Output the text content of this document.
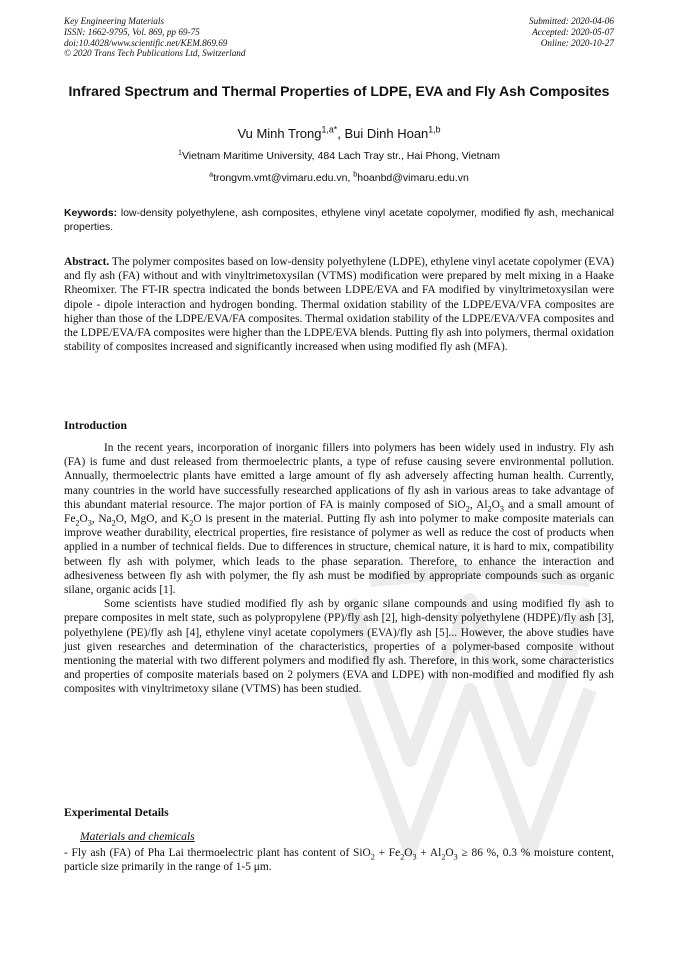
Key Engineering Materials
ISSN: 1662-9795, Vol. 869, pp 69-75
doi:10.4028/www.scientific.net/KEM.869.69
© 2020 Trans Tech Publications Ltd, Switzerland
Submitted: 2020-04-06
Accepted: 2020-05-07
Online: 2020-10-27
Infrared Spectrum and Thermal Properties of LDPE, EVA and Fly Ash Composites
Vu Minh Trong$^{1,a*}$, Bui Dinh Hoan$^{1,b}$
$^1$Vietnam Maritime University, 484 Lach Tray str., Hai Phong, Vietnam
$^a$trongvm.vmt@vimaru.edu.vn, $^b$hoanbd@vimaru.edu.vn
Keywords: low-density polyethylene, ash composites, ethylene vinyl acetate copolymer, modified fly ash, mechanical properties.
Abstract. The polymer composites based on low-density polyethylene (LDPE), ethylene vinyl acetate copolymer (EVA) and fly ash (FA) without and with vinyltrimetoxysilan (VTMS) modification were prepared by melt mixing in a Haake Rheomixer. The FT-IR spectra indicated the bonds between LDPE/EVA and FA modified by vinyltrimetoxysilan were dipole - dipole interaction and hydrogen bonding. Thermal oxidation stability of the LDPE/EVA/VFA composites are higher than those of the LDPE/EVA/FA composites. Thermal oxidation stability of the LDPE/EVA/VFA composites and the LDPE/EVA/FA composites were higher than the LDPE/EVA blends. Putting fly ash into polymers, thermal oxidation stability of composites increased and significantly increased when using modified fly ash (MFA).
Introduction

In the recent years, incorporation of inorganic fillers into polymers has been widely used in industry. Fly ash (FA) is fume and dust released from thermoelectric plants, a type of refuse causing severe environmental pollution. Annually, thermoelectric plants have emitted a large amount of fly ash adversely affecting human health. Currently, many countries in the world have successfully researched applications of fly ash in various areas to take advantage of this abundant material resource. The major portion of FA is mainly composed of SiO$_2$, $Al_2O_3$ and a small amount of $Fe_2O_3$, $Na_2O$, MgO, and $K_2O$ is present in the material. Putting fly ash into polymer to make composite materials can improve weather durability, electrical properties, fire resistance of polymer as well as reduce the cost of products when applied in a number of technical fields. Due to differences in structure, chemical nature, it is hard to mix, compatibility between fly ash with polymer, which leads to the phase separation. Therefore, to enhance the interaction and adhesiveness between fly ash with polymer, the fly ash must be modified by appropriate compounds such as organic silane, organic acids [1].

Some scientists have studied modified fly ash by organic silane compounds and using modified fly ash to prepare composites in melt state, such as polypropylene (PP)/fly ash [2], high-density polyethylene (HDPE)/fly ash [3], polyethylene (PE)/fly ash [4], ethylene vinyl acetate copolymers (EVA)/fly ash [5]... However, the above studies have just given researches and determination of the characteristics, properties of a polymer-based composite without mentioning the material with two different polymers and modified fly ash. Therefore, in this work, some characteristics and properties of composite materials based on 2 polymers (EVA and LDPE) with non-modified and modified fly ash composites with vinyltrimetoxy silane (VTMS) has been studied.

Experimental Details
Materials and chemicals
- Fly ash (FA) of Pha Lai thermoelectric plant has content of $SiO_2 + Fe_2O_3 + Al_2O_3 \ge 86$ %, 0.3 % moisture content, particle size primarily in the range of 1-5 μm.
